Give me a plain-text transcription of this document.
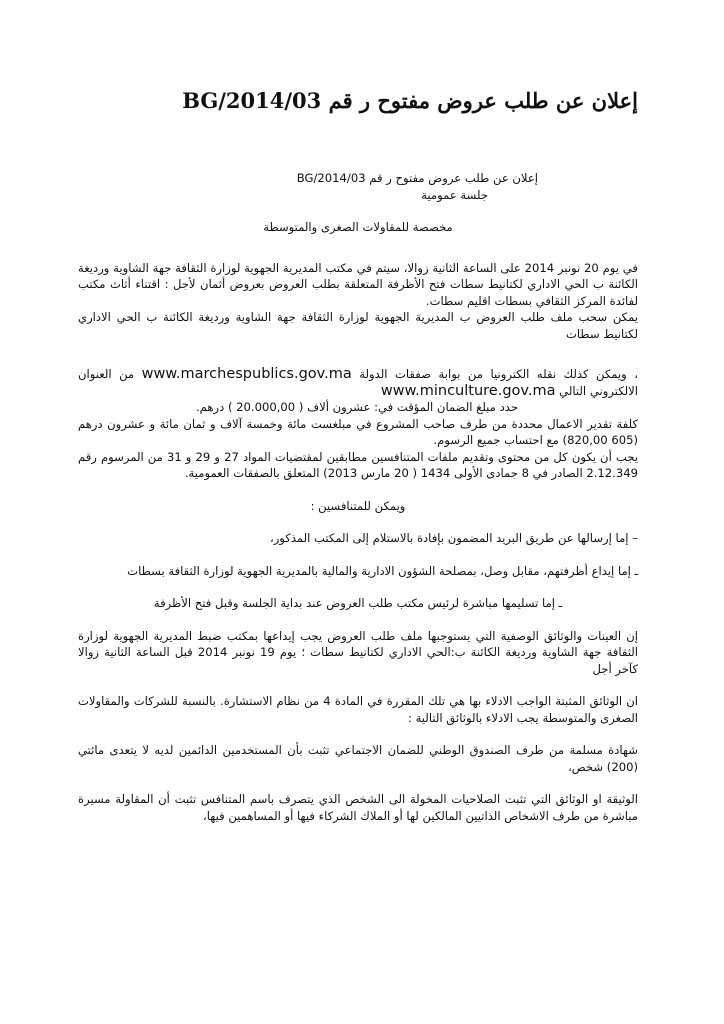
إعلان عن طلب عروض مفتوح ر قم BG/2014/03

إعلان عن طلب عروض مفتوح ر قم BG/2014/03

جلسة عمومية

مخصصة للمقاولات الصغرى والمتوسطة

في يوم 20 نونبر 2014 على الساعة الثانية زوالا، سيتم في مكتب المديرية الجهوية لوزارة الثقافة جهة الشاوية ورديغة الكائنة ب الحي الاداري لكتانيط سطات فتح الأظرفة المتعلقة بطلب العروض بعروض أثمان لأجل : اقتناء أثاث مكتب لفائدة المركز الثقافي بسطات اقليم سطات.

يمكن سحب ملف طلب العروض ب المديرية الجهوية لوزارة الثقافة جهة الشاوية ورديغة الكائنة ب الحي الاداري لكتانيط سطات

، ويمكن كذلك نقله الكترونيا من بوابة صفقات الدولة www.marchespublics.gov.ma من العنوان الالكتروني التالي www.minculture.gov.ma

حدد مبلغ الضمان المؤقت في: عشرون ألاف ( 20.000,00 ) درهم.

كلفة تقدير الاعمال محددة من طرف صاحب المشروع في مبلغست مائة وخمسة آلاف و ثمان مائة و عشرون درهم (605 820,00) مع احتساب جميع الرسوم.

يجب أن يكون كل من محتوى وتقديم ملفات المتنافسين مطابقين لمقتضيات المواد 27 و 29 و 31 من المرسوم رقم 2.12.349 الصادر في 8 جمادى الأولى 1434 ( 20 مارس 2013) المتعلق بالصفقات العمومية.

ويمكن للمتنافسين :

– إما إرسالها عن طريق البريد المضمون بإفادة بالاستلام إلى المكتب المذكور،

ـ إما إيداع أظرفتهم، مقابل وصل، بمصلحة الشؤون الادارية والمالية بالمديرية الجهوية لوزارة الثقافة بسطات

ـ إما تسليمها مباشرة لرئيس مكتب طلب العروض عند بداية الجلسة وقبل فتح الأظرفة

إن العينات والوثائق الوصفية التي يستوجبها ملف طلب العروض يجب إيداعها بمكتب ضبط المديرية الجهوية لوزارة الثقافة جهة الشاوية ورديغة الكائنة ب:الحي الاداري لكتانيط سطات ؛ يوم 19 نونبر 2014 قبل الساعة الثانية زوالا كآخر أجل

ان الوثائق المثبتة الواجب الادلاء بها هي تلك المقررة في المادة 4 من نظام الاستشارة. بالنسبة للشركات والمقاولات الصغرى والمتوسطة يجب الادلاء بالوثائق التالية :

شهادة مسلمة من طرف الصندوق الوطني للضمان الاجتماعي تثبت بأن المستخدمين الدائمين لديه لا يتعدى مائتي (200) شخص،

الوثيقة او الوثائق التي تثبت الصلاحيات المخولة الى الشخص الذي يتصرف باسم المتنافس تثبت أن المقاولة مسيرة مباشرة من طرف الاشخاص الذاتيين المالكين لها أو الملاك الشركاء فيها أو المساهمين فيها،
